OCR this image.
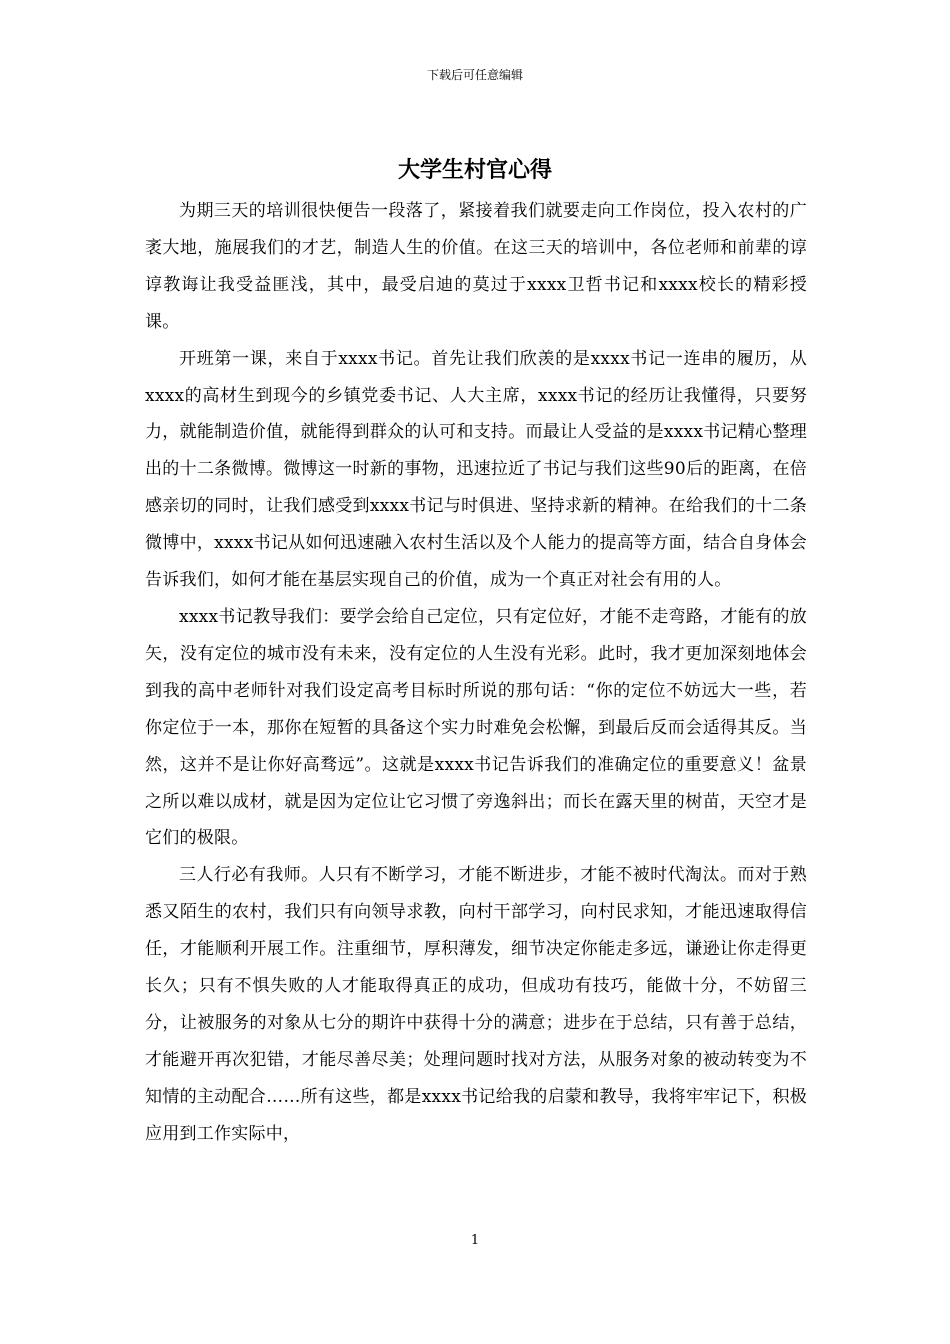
下载后可任意编辑
大学生村官心得

为期三天的培训很快便告一段落了，紧接着我们就要走向工作岗位，投入农村的广袤大地，施展我们的才艺，制造人生的价值。在这三天的培训中，各位老师和前辈的谆谆教诲让我受益匪浅，其中，最受启迪的莫过于xxxx卫哲书记和xxxx校长的精彩授课。

开班第一课，来自于xxxx书记。首先让我们欣羡的是xxxx书记一连串的履历，从xxxx的高材生到现今的乡镇党委书记、人大主席，xxxx书记的经历让我懂得，只要努力，就能制造价值，就能得到群众的认可和支持。而最让人受益的是xxxx书记精心整理出的十二条微博。微博这一时新的事物，迅速拉近了书记与我们这些90后的距离，在倍感亲切的同时，让我们感受到xxxx书记与时俱进、坚持求新的精神。在给我们的十二条微博中，xxxx书记从如何迅速融入农村生活以及个人能力的提高等方面，结合自身体会告诉我们，如何才能在基层实现自己的价值，成为一个真正对社会有用的人。

xxxx书记教导我们：要学会给自己定位，只有定位好，才能不走弯路，才能有的放矢，没有定位的城市没有未来，没有定位的人生没有光彩。此时，我才更加深刻地体会到我的高中老师针对我们设定高考目标时所说的那句话：“你的定位不妨远大一些，若你定位于一本，那你在短暂的具备这个实力时难免会松懈，到最后反而会适得其反。当然，这并不是让你好高骛远”。这就是xxxx书记告诉我们的准确定位的重要意义！盆景之所以难以成材，就是因为定位让它习惯了旁逸斜出；而长在露天里的树苗，天空才是它们的极限。

三人行必有我师。人只有不断学习，才能不断进步，才能不被时代淘汰。而对于熟悉又陌生的农村，我们只有向领导求教，向村干部学习，向村民求知，才能迅速取得信任，才能顺利开展工作。注重细节，厚积薄发，细节决定你能走多远，谦逊让你走得更长久；只有不惧失败的人才能取得真正的成功，但成功有技巧，能做十分，不妨留三分，让被服务的对象从七分的期许中获得十分的满意；进步在于总结，只有善于总结，才能避开再次犯错，才能尽善尽美；处理问题时找对方法，从服务对象的被动转变为不知情的主动配合……所有这些，都是xxxx书记给我的启蒙和教导，我将牢牢记下，积极应用到工作实际中，

1
